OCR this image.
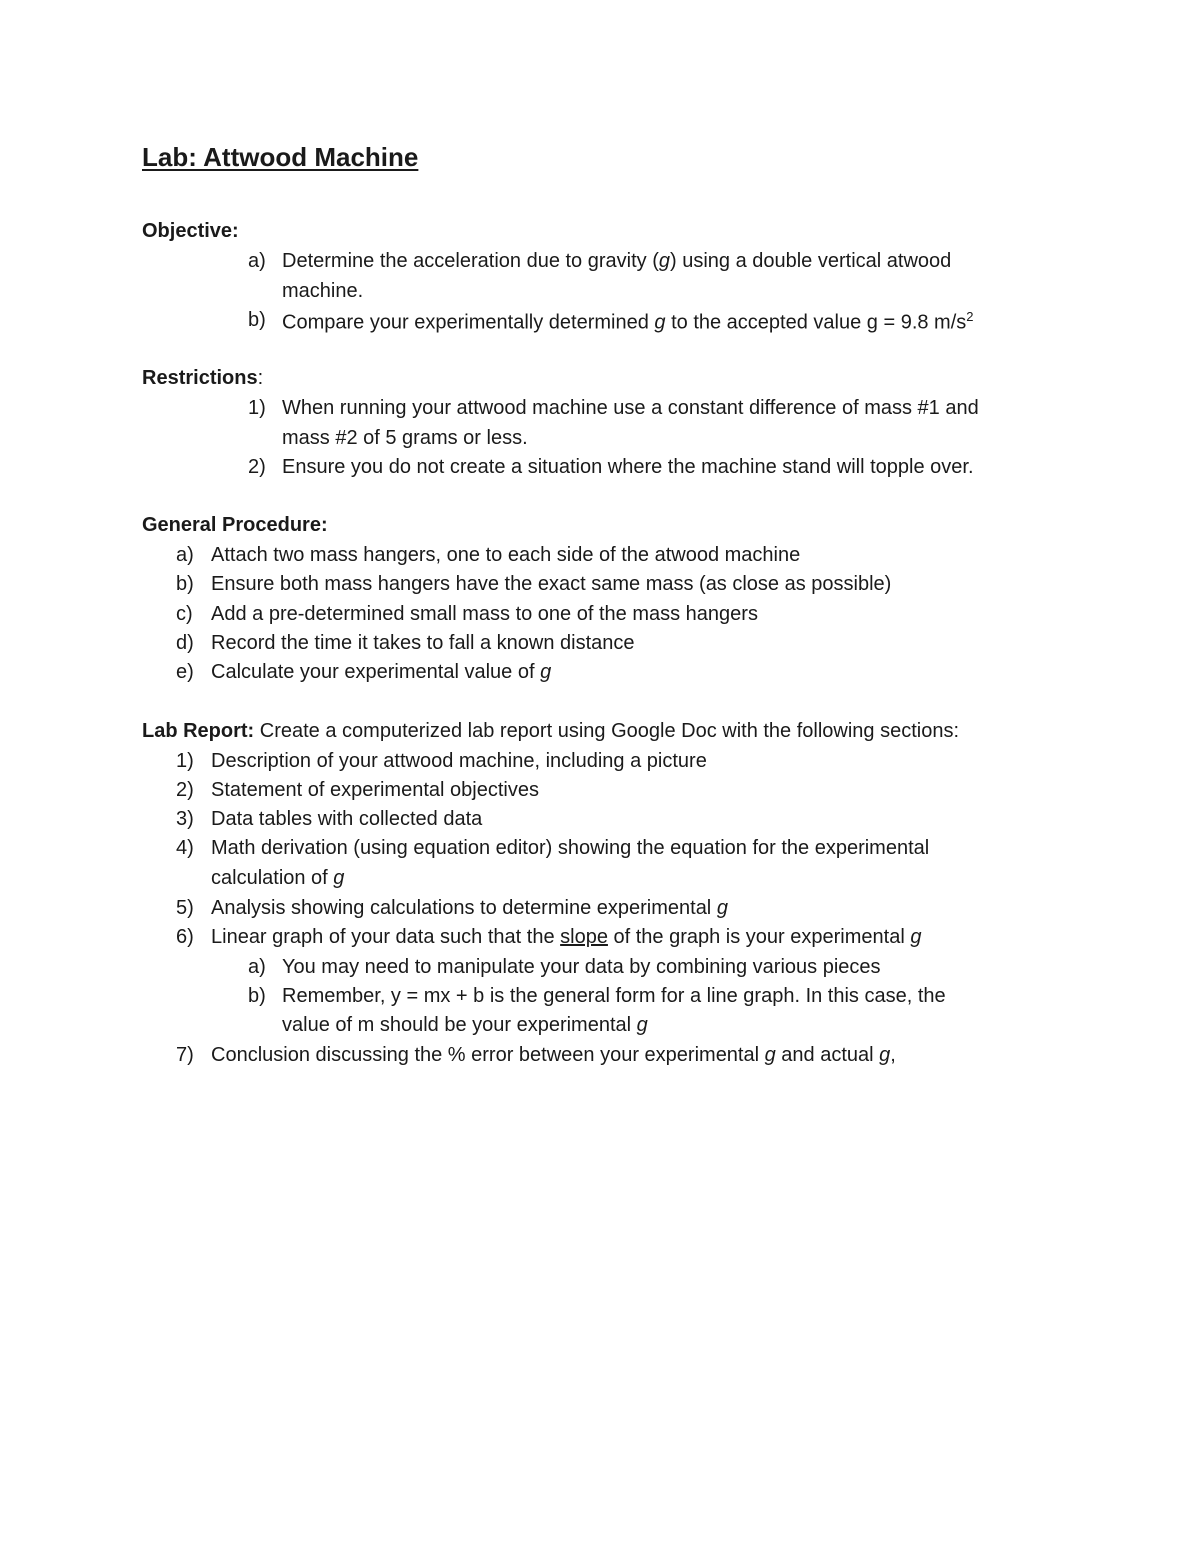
Lab: Attwood Machine
Objective:
a) Determine the acceleration due to gravity (g) using a double vertical atwood
machine.
b) Compare your experimentally determined g to the accepted value g = 9.8 $m/s^2$
Restrictions:
1) When running your attwood machine use a constant difference of mass #1 and
mass #2 of 5 grams or less.
2) Ensure you do not create a situation where the machine stand will topple over.
General Procedure:
a) Attach two mass hangers, one to each side of the atwood machine
b) Ensure both mass hangers have the exact same mass (as close as possible)
c) Add a pre-determined small mass to one of the mass hangers
d) Record the time it takes to fall a known distance
e) Calculate your experimental value of g
Lab Report: Create a computerized lab report using Google Doc with the following sections:
1) Description of your attwood machine, including a picture
2) Statement of experimental objectives
3) Data tables with collected data
4) Math derivation (using equation editor) showing the equation for the experimental
calculation of g
5) Analysis showing calculations to determine experimental g
6) Linear graph of your data such that the slope of the graph is your experimental g
a) You may need to manipulate your data by combining various pieces
b) Remember, y = mx + b is the general form for a line graph. In this case, the
value of m should be your experimental g
7) Conclusion discussing the % error between your experimental g and actual g,
